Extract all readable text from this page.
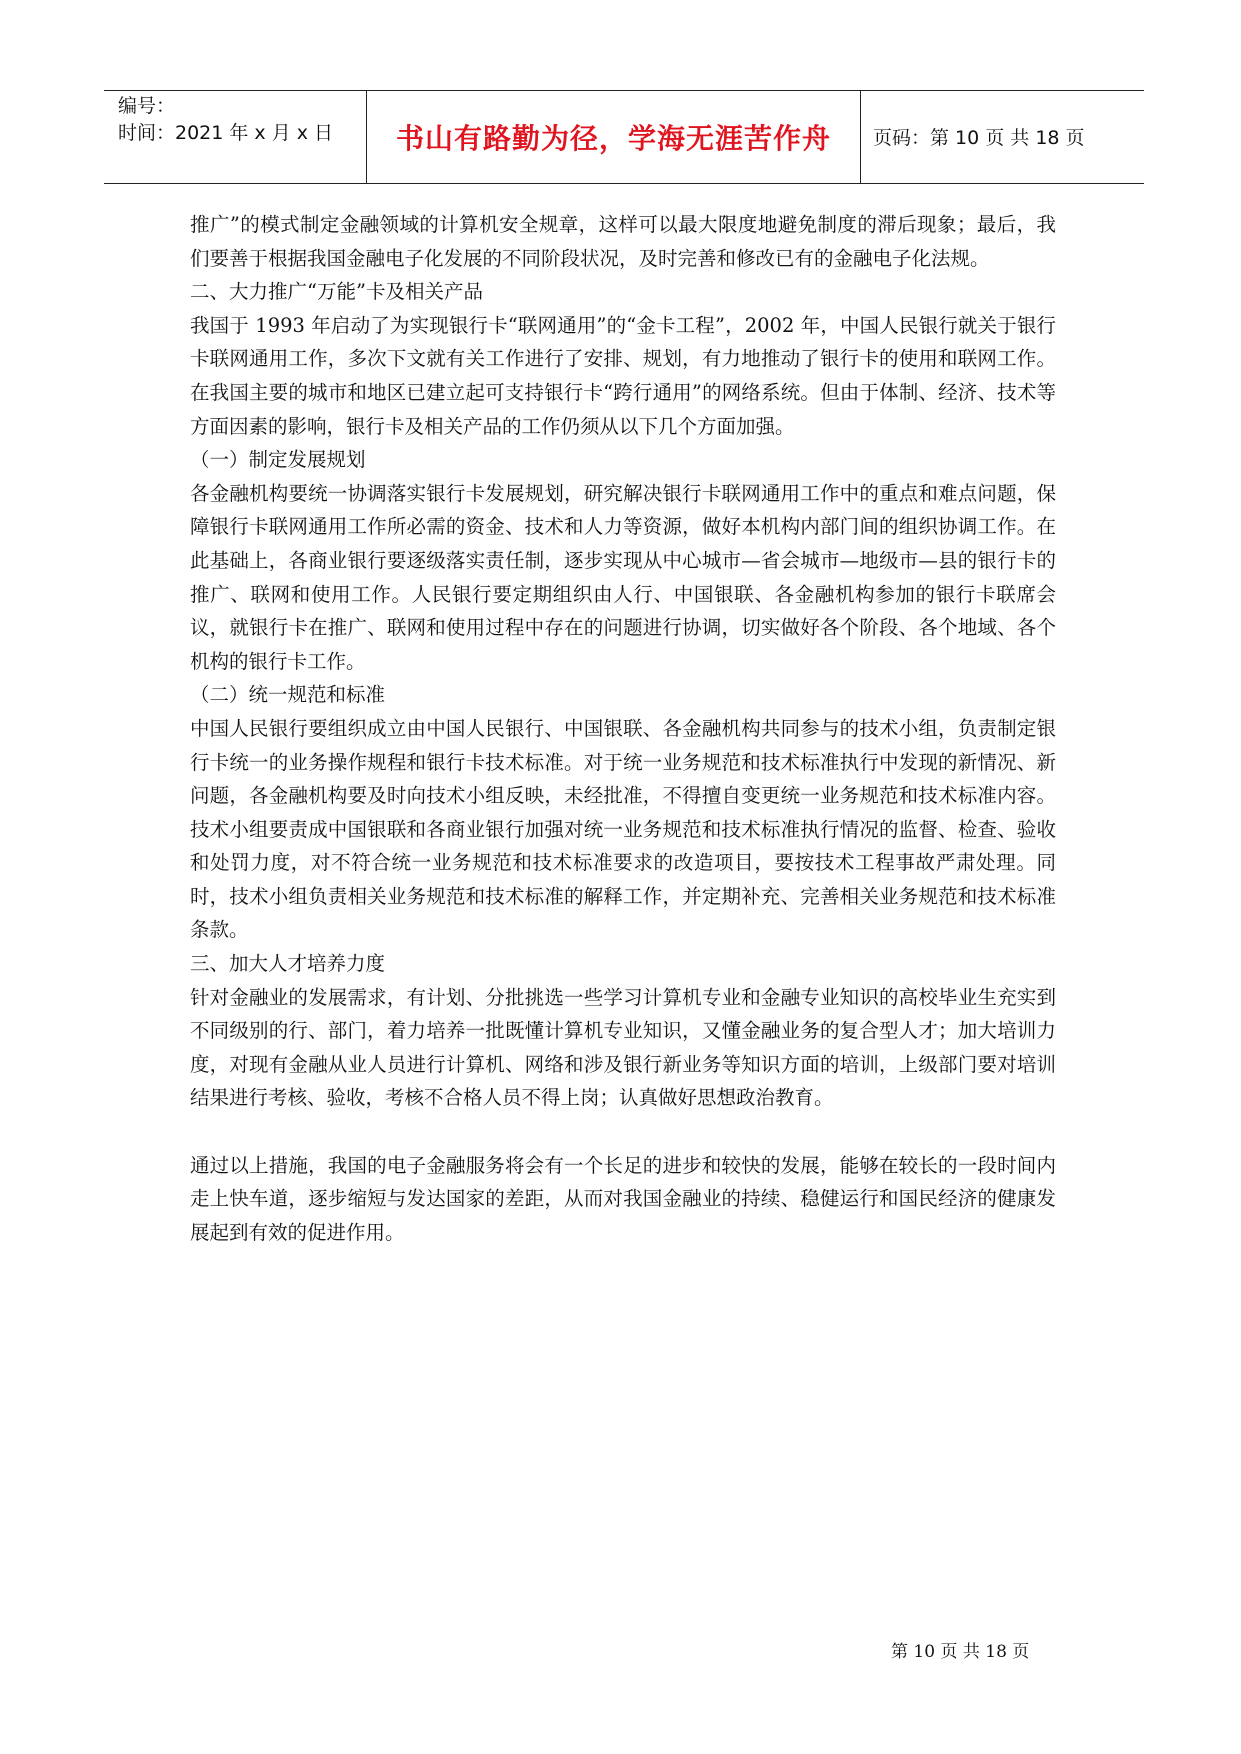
编号：
时间：2021 年 x 月 x 日	书山有路勤为径，学海无涯苦作舟	页码：第 10 页 共 18 页

推广”的模式制定金融领域的计算机安全规章，这样可以最大限度地避免制度的滞后现象；最后，我们要善于根据我国金融电子化发展的不同阶段状况，及时完善和修改已有的金融电子化法规。

二、大力推广“万能”卡及相关产品

我国于 1993 年启动了为实现银行卡“联网通用”的“金卡工程”，2002 年，中国人民银行就关于银行卡联网通用工作，多次下文就有关工作进行了安排、规划，有力地推动了银行卡的使用和联网工作。在我国主要的城市和地区已建立起可支持银行卡“跨行通用”的网络系统。但由于体制、经济、技术等方面因素的影响，银行卡及相关产品的工作仍须从以下几个方面加强。

（一）制定发展规划

各金融机构要统一协调落实银行卡发展规划，研究解决银行卡联网通用工作中的重点和难点问题，保障银行卡联网通用工作所必需的资金、技术和人力等资源，做好本机构内部门间的组织协调工作。在此基础上，各商业银行要逐级落实责任制，逐步实现从中心城市—省会城市—地级市—县的银行卡的推广、联网和使用工作。人民银行要定期组织由人行、中国银联、各金融机构参加的银行卡联席会议，就银行卡在推广、联网和使用过程中存在的问题进行协调，切实做好各个阶段、各个地域、各个机构的银行卡工作。

（二）统一规范和标准

中国人民银行要组织成立由中国人民银行、中国银联、各金融机构共同参与的技术小组，负责制定银行卡统一的业务操作规程和银行卡技术标准。对于统一业务规范和技术标准执行中发现的新情况、新问题，各金融机构要及时向技术小组反映，未经批准，不得擅自变更统一业务规范和技术标准内容。技术小组要责成中国银联和各商业银行加强对统一业务规范和技术标准执行情况的监督、检查、验收和处罚力度，对不符合统一业务规范和技术标准要求的改造项目，要按技术工程事故严肃处理。同时，技术小组负责相关业务规范和技术标准的解释工作，并定期补充、完善相关业务规范和技术标准条款。

三、加大人才培养力度

针对金融业的发展需求，有计划、分批挑选一些学习计算机专业和金融专业知识的高校毕业生充实到不同级别的行、部门，着力培养一批既懂计算机专业知识，又懂金融业务的复合型人才；加大培训力度，对现有金融从业人员进行计算机、网络和涉及银行新业务等知识方面的培训，上级部门要对培训结果进行考核、验收，考核不合格人员不得上岗；认真做好思想政治教育。

通过以上措施，我国的电子金融服务将会有一个长足的进步和较快的发展，能够在较长的一段时间内走上快车道，逐步缩短与发达国家的差距，从而对我国金融业的持续、稳健运行和国民经济的健康发展起到有效的促进作用。

第 10 页 共 18 页
